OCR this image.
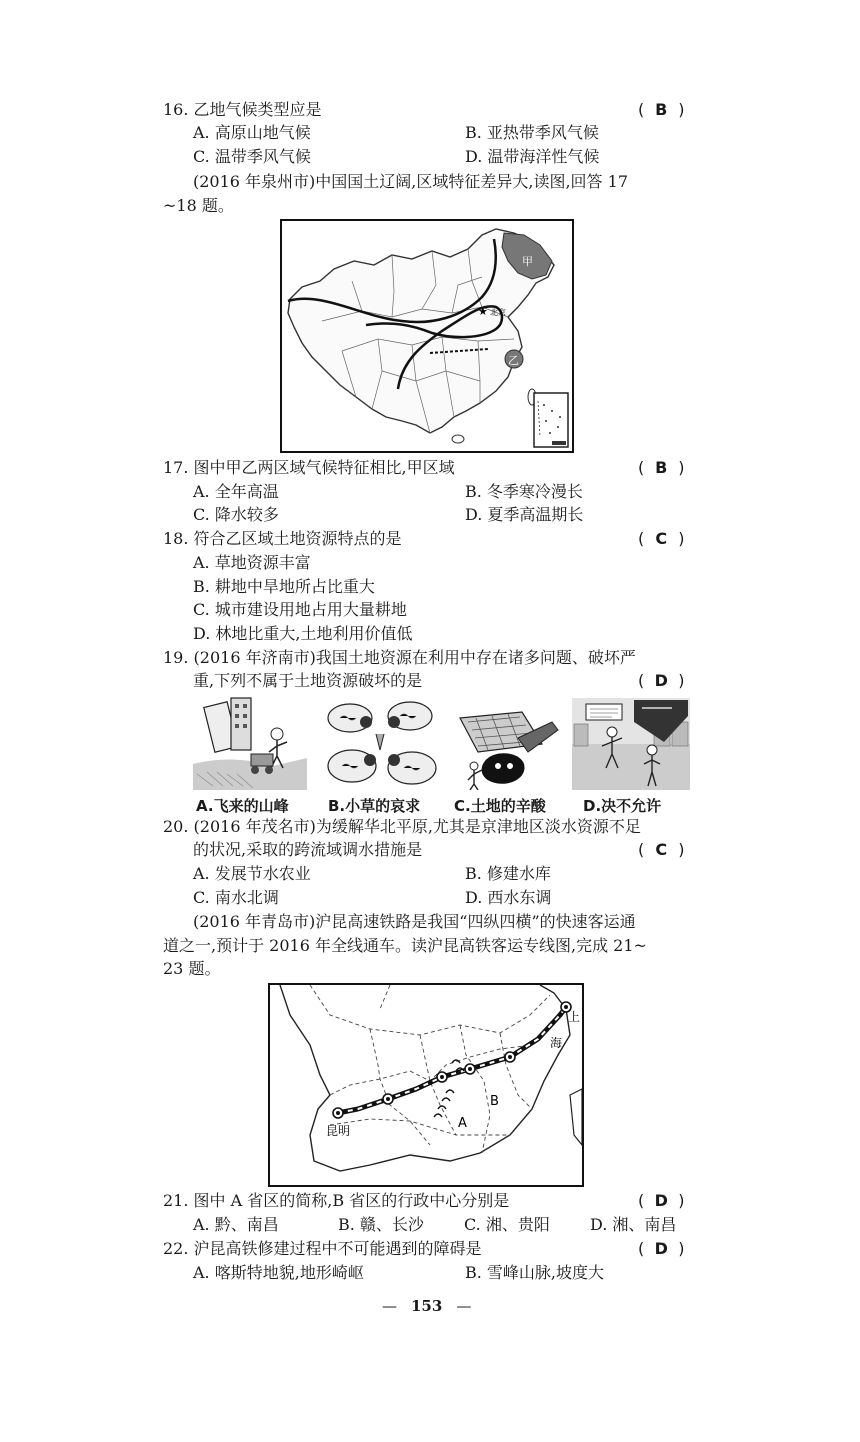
16. 乙地气候类型应是	( B )
A. 高原山地气候	B. 亚热带季风气候
C. 温带季风气候	D. 温带海洋性气候
(2016 年泉州市)中国国土辽阔,区域特征差异大,读图,回答 17
~18 题。
甲
乙
★ 北京
17. 图中甲乙两区域气候特征相比,甲区域	( B )
A. 全年高温	B. 冬季寒冷漫长
C. 降水较多	D. 夏季高温期长
18. 符合乙区域土地资源特点的是	( C )
A. 草地资源丰富
B. 耕地中旱地所占比重大
C. 城市建设用地占用大量耕地
D. 林地比重大,土地利用价值低
19. (2016 年济南市)我国土地资源在利用中存在诸多问题、破坏严
重,下列不属于土地资源破坏的是	( D )
A.飞来的山峰	B.小草的哀求 C.土地的辛酸 D.决不允许
20. (2016 年茂名市)为缓解华北平原,尤其是京津地区淡水资源不足
的状况,采取的跨流域调水措施是	( C )
A. 发展节水农业	B. 修建水库
C. 南水北调	D. 西水东调
(2016 年青岛市)沪昆高速铁路是我国“四纵四横”的快速客运通
道之一,预计于 2016 年全线通车。读沪昆高铁客运专线图,完成 21~
23 题。
昆明
上
海
A
B
21. 图中 A 省区的简称,B 省区的行政中心分别是	( D )
A. 黔、南昌	B. 赣、长沙	C. 湘、贵阳	D. 湘、南昌
22. 沪昆高铁修建过程中不可能遇到的障碍是	( D )
A. 喀斯特地貌,地形崎岖	B. 雪峰山脉,坡度大
— 153 —
